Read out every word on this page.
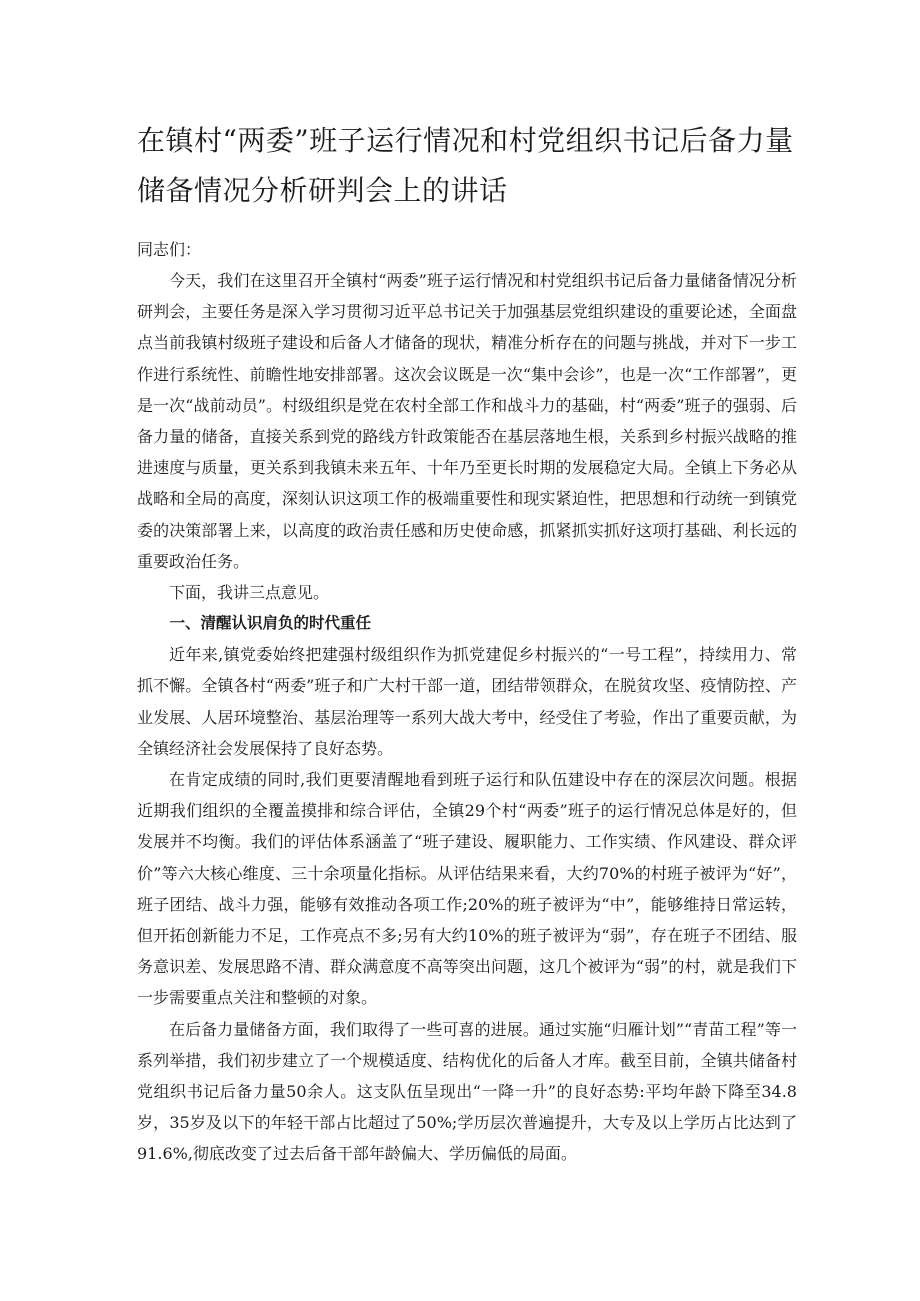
在镇村“两委”班子运行情况和村党组织书记后备力量储备情况分析研判会上的讲话

同志们：

今天，我们在这里召开全镇村“两委”班子运行情况和村党组织书记后备力量储备情况分析研判会，主要任务是深入学习贯彻习近平总书记关于加强基层党组织建设的重要论述，全面盘点当前我镇村级班子建设和后备人才储备的现状，精准分析存在的问题与挑战，并对下一步工作进行系统性、前瞻性地安排部署。这次会议既是一次“集中会诊”，也是一次“工作部署”，更是一次“战前动员”。村级组织是党在农村全部工作和战斗力的基础，村“两委”班子的强弱、后备力量的储备，直接关系到党的路线方针政策能否在基层落地生根，关系到乡村振兴战略的推进速度与质量，更关系到我镇未来五年、十年乃至更长时期的发展稳定大局。全镇上下务必从战略和全局的高度，深刻认识这项工作的极端重要性和现实紧迫性，把思想和行动统一到镇党委的决策部署上来，以高度的政治责任感和历史使命感，抓紧抓实抓好这项打基础、利长远的重要政治任务。

下面，我讲三点意见。

一、清醒认识肩负的时代重任

近年来,镇党委始终把建强村级组织作为抓党建促乡村振兴的“一号工程”，持续用力、常抓不懈。全镇各村“两委”班子和广大村干部一道，团结带领群众，在脱贫攻坚、疫情防控、产业发展、人居环境整治、基层治理等一系列大战大考中，经受住了考验，作出了重要贡献，为全镇经济社会发展保持了良好态势。

在肯定成绩的同时,我们更要清醒地看到班子运行和队伍建设中存在的深层次问题。根据近期我们组织的全覆盖摸排和综合评估，全镇29个村“两委”班子的运行情况总体是好的，但发展并不均衡。我们的评估体系涵盖了“班子建设、履职能力、工作实绩、作风建设、群众评价”等六大核心维度、三十余项量化指标。从评估结果来看，大约70%的村班子被评为“好”，班子团结、战斗力强，能够有效推动各项工作;20%的班子被评为“中”，能够维持日常运转，但开拓创新能力不足，工作亮点不多;另有大约10%的班子被评为“弱”，存在班子不团结、服务意识差、发展思路不清、群众满意度不高等突出问题，这几个被评为“弱”的村，就是我们下一步需要重点关注和整顿的对象。

在后备力量储备方面，我们取得了一些可喜的进展。通过实施“归雁计划”“青苗工程”等一系列举措，我们初步建立了一个规模适度、结构优化的后备人才库。截至目前，全镇共储备村党组织书记后备力量50余人。这支队伍呈现出“一降一升”的良好态势:平均年龄下降至34.8岁，35岁及以下的年轻干部占比超过了50%;学历层次普遍提升，大专及以上学历占比达到了91.6%,彻底改变了过去后备干部年龄偏大、学历偏低的局面。
